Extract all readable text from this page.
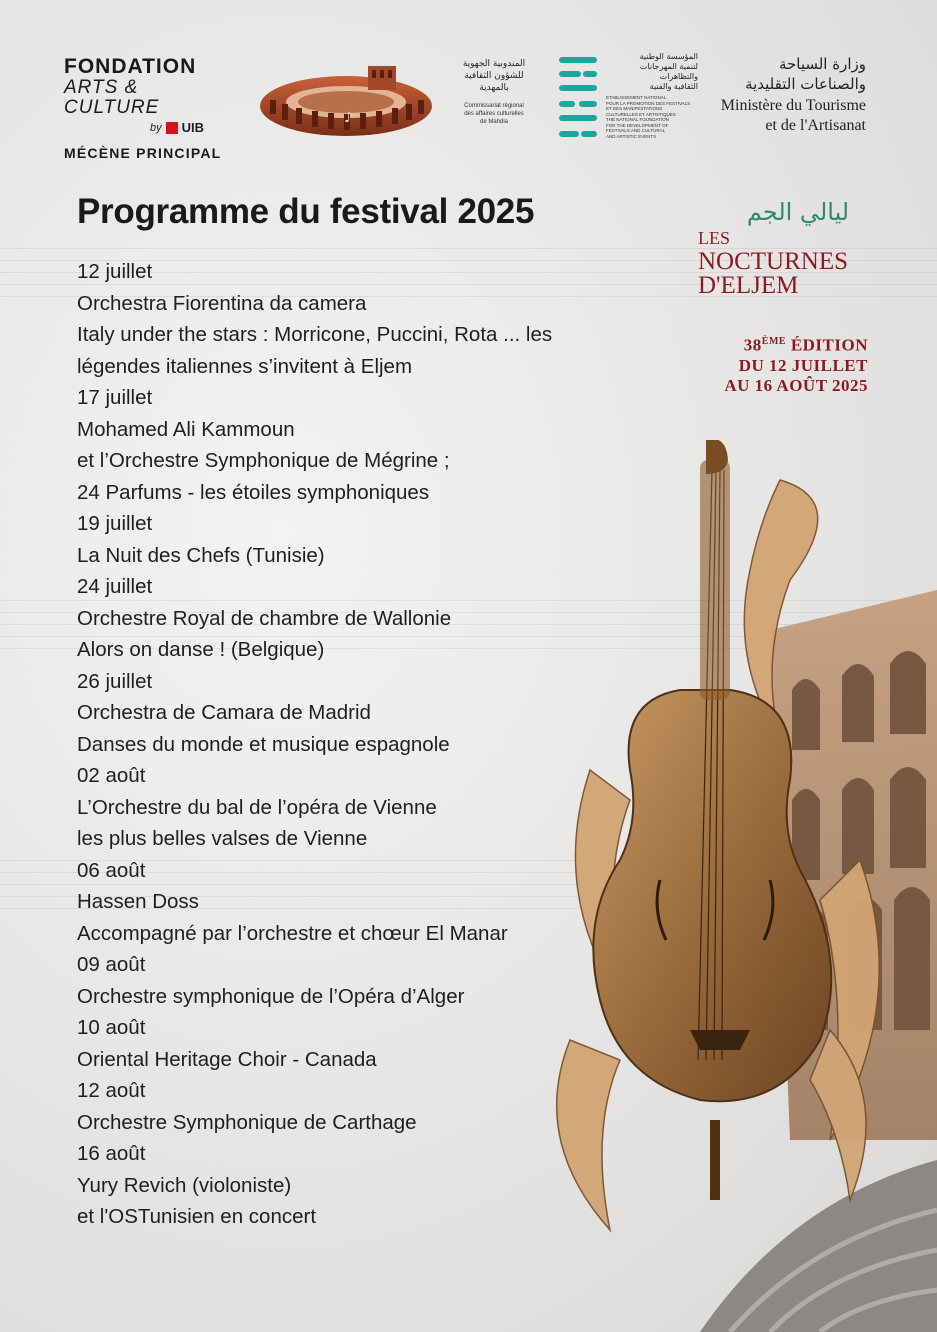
FONDATION
ARTS & CULTURE
by UIB
MÉCÈNE PRINCIPAL
♪
المندوبية الجهوية
للشؤون الثقافية
بالمهدية
Commissariat régional
des affaires culturelles
de Mahdia
المؤسسة الوطنية
لتنمية المهرجانات
والتظاهرات
الثقافية والفنية
ETABLISSEMENT NATIONAL
POUR LA PROMOTION DES FESTIVALS
ET DES MANIFESTATIONS
CULTURELLES ET ARTISTIQUES
THE NATIONAL FOUNDATION
FOR THE DEVELOPMENT OF
FESTIVALS AND CULTURAL
AND ARTISTIC EVENTS
وزارة السياحة
والصناعات التقليدية
Ministère du Tourisme
et de l'Artisanat
Programme du festival 2025
12 juillet
Orchestra Fiorentina da camera
Italy under the stars : Morricone, Puccini, Rota ... les
légendes italiennes s’invitent à Eljem
17 juillet
Mohamed Ali Kammoun
et l’Orchestre Symphonique de Mégrine ;
24 Parfums - les étoiles symphoniques
19 juillet
La Nuit des Chefs (Tunisie)
24 juillet
Orchestre Royal de chambre de Wallonie
Alors on danse ! (Belgique)
26 juillet
Orchestra de Camara de Madrid
Danses du monde et musique espagnole
02 août
L’Orchestre du bal de l’opéra de Vienne
les plus belles valses de Vienne
06 août
Hassen Doss
Accompagné par l’orchestre et chœur El Manar
09 août
Orchestre symphonique de l’Opéra d’Alger
10 août
Oriental Heritage Choir - Canada
12 août
Orchestre Symphonique de Carthage
16 août
Yury Revich (violoniste)
et l'OSTunisien en concert
ليالي الجم
LES
NOCTURNES
D'ELJEM
38ÈME ÉDITION
DU 12 JUILLET
AU 16 AOÛT 2025
